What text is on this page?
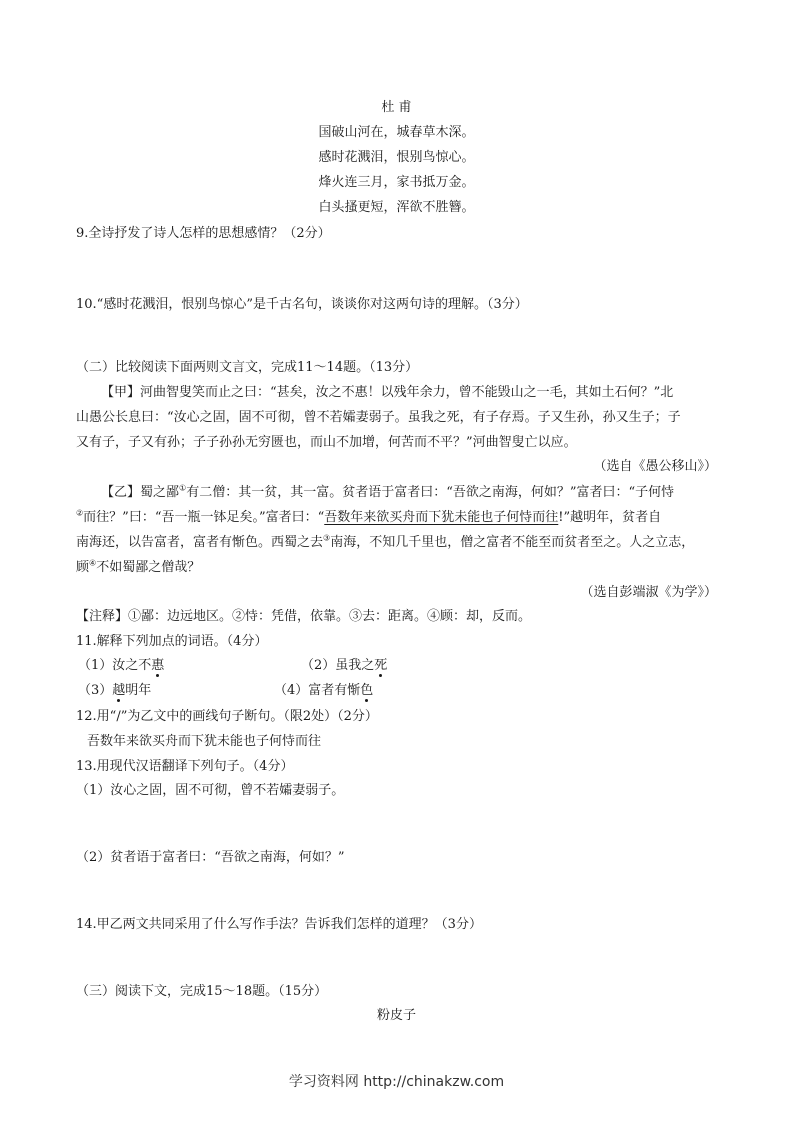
杜 甫
国破山河在，城春草木深。
感时花溅泪，恨别鸟惊心。
烽火连三月，家书抵万金。
白头搔更短，浑欲不胜簪。
9.全诗抒发了诗人怎样的思想感情？（2分）
10.“感时花溅泪，恨别鸟惊心”是千古名句，谈谈你对这两句诗的理解。（3分）
（二）比较阅读下面两则文言文，完成11～14题。（13分）
【甲】河曲智叟笑而止之曰：“甚矣，汝之不惠！以残年余力，曾不能毁山之一毛，其如土石何？”北
山愚公长息曰：“汝心之固，固不可彻，曾不若孀妻弱子。虽我之死，有子存焉。子又生孙，孙又生子；子
又有子，子又有孙；子子孙孙无穷匮也，而山不加增，何苦而不平？”河曲智叟亡以应。
（选自《愚公移山》）
【乙】蜀之鄙①有二僧：其一贫，其一富。贫者语于富者曰：“吾欲之南海，何如？”富者曰：“子何恃
②而往？”曰：“吾一瓶一钵足矣。”富者曰：“吾数年来欲买舟而下犹未能也子何恃而往!”越明年，贫者自
南海还，以告富者，富者有惭色。西蜀之去③南海，不知几千里也，僧之富者不能至而贫者至之。人之立志，
顾④不如蜀鄙之僧哉？
（选自彭端淑《为学》）
【注释】①鄙：边远地区。②恃：凭借，依靠。③去：距离。④顾：却，反而。
11.解释下列加点的词语。（4分）
（1）汝之不惠	（2）虽我之死
（3）越明年	（4）富者有惭色
12.用“/”为乙文中的画线句子断句。（限2处）（2分）
吾数年来欲买舟而下犹未能也子何恃而往
13.用现代汉语翻译下列句子。（4分）
（1）汝心之固，固不可彻，曾不若孀妻弱子。
（2）贫者语于富者曰：“吾欲之南海，何如？”
14.甲乙两文共同采用了什么写作手法？告诉我们怎样的道理？（3分）
（三）阅读下文，完成15～18题。（15分）
粉皮子
学习资料网 http://chinakzw.com
